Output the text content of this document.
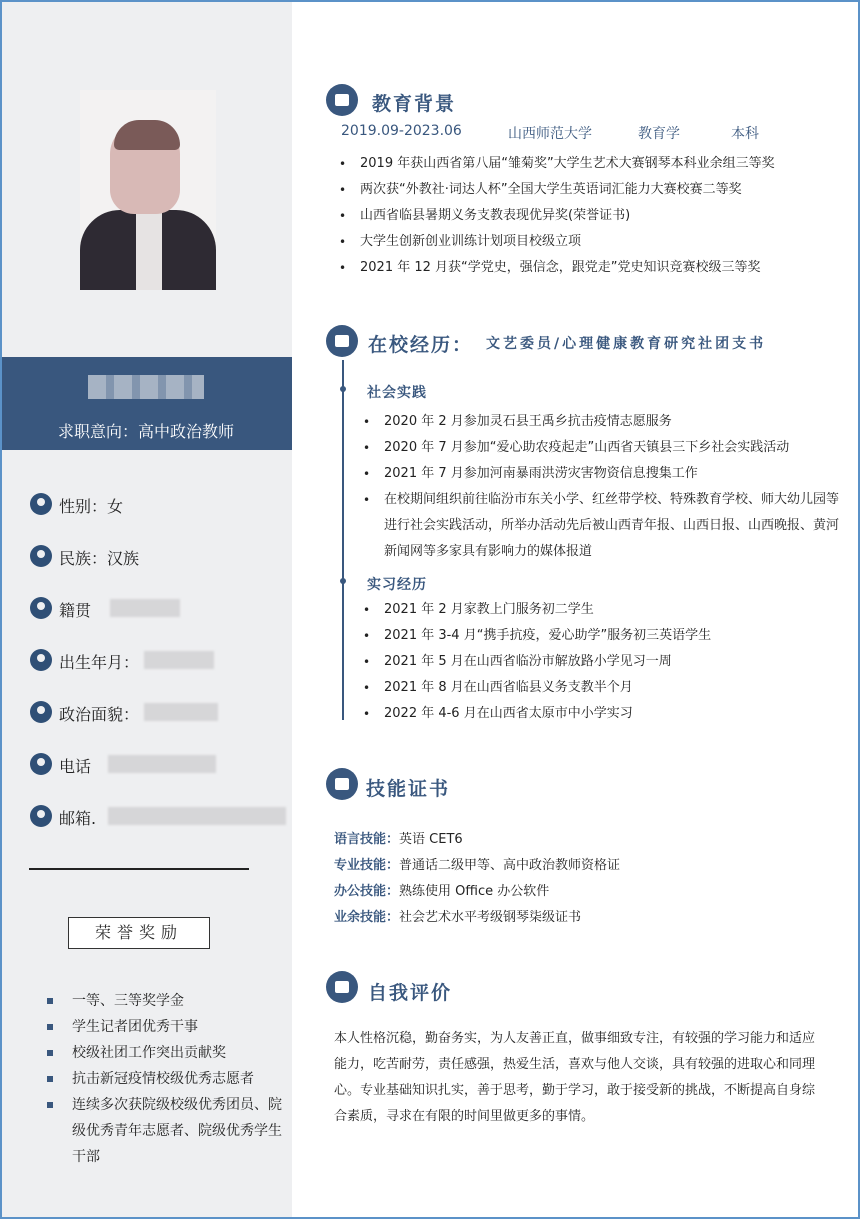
求职意向：高中政治教师
性别：女
民族：汉族
籍贯
出生年月：
政治面貌：
电话
邮箱.
荣誉奖励
一等、三等奖学金
学生记者团优秀干事
校级社团工作突出贡献奖
抗击新冠疫情校级优秀志愿者
连续多次获院级校级优秀团员、院级优秀青年志愿者、院级优秀学生干部
教育背景
2019.09-2023.06	山西师范大学	教育学	本科
• 2019 年获山西省第八届“雏菊奖”大学生艺术大赛钢琴本科业余组三等奖
• 两次获“外教社·词达人杯”全国大学生英语词汇能力大赛校赛二等奖
• 山西省临县暑期义务支教表现优异奖(荣誉证书)
• 大学生创新创业训练计划项目校级立项
• 2021 年 12 月获“学党史，强信念，跟党走”党史知识竞赛校级三等奖
在校经历： 文艺委员/心理健康教育研究社团支书
社会实践
• 2020 年 2 月参加灵石县王禹乡抗击疫情志愿服务
• 2020 年 7 月参加“爱心助农疫起走”山西省天镇县三下乡社会实践活动
• 2021 年 7 月参加河南暴雨洪涝灾害物资信息搜集工作
• 在校期间组织前往临汾市东关小学、红丝带学校、特殊教育学校、师大幼儿园等进行社会实践活动，所举办活动先后被山西青年报、山西日报、山西晚报、黄河新闻网等多家具有影响力的媒体报道
实习经历
• 2021 年 2 月家教上门服务初二学生
• 2021 年 3-4 月“携手抗疫，爱心助学”服务初三英语学生
• 2021 年 5 月在山西省临汾市解放路小学见习一周
• 2021 年 8 月在山西省临县义务支教半个月
• 2022 年 4-6 月在山西省太原市中小学实习
技能证书
语言技能：英语 CET6
专业技能：普通话二级甲等、高中政治教师资格证
办公技能：熟练使用 Office 办公软件
业余技能：社会艺术水平考级钢琴柒级证书
自我评价
本人性格沉稳，勤奋务实，为人友善正直，做事细致专注，有较强的学习能力和适应能力，吃苦耐劳，责任感强，热爱生活，喜欢与他人交谈，具有较强的进取心和同理心。专业基础知识扎实，善于思考，勤于学习，敢于接受新的挑战，不断提高自身综合素质，寻求在有限的时间里做更多的事情。
